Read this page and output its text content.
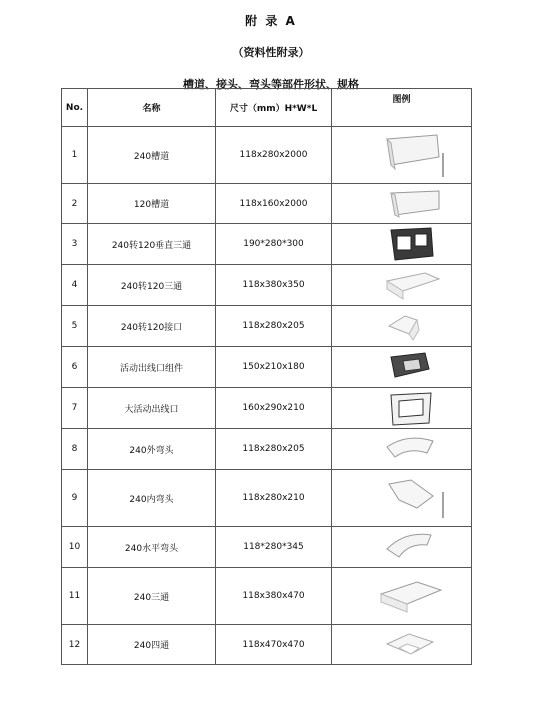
附 录 A
（资料性附录）
槽道、接头、弯头等部件形状、规格
No.	名称	尺寸（mm）H*W*L	图例
1	240槽道	118x280x2000	

2	120槽道	118x160x2000	

3	240转120垂直三通	190*280*300	

4	240转120三通	118x380x350	

5	240转120接口	118x280x205	

6	活动出线口组件	150x210x180	

7	大活动出线口	160x290x210	

8	240外弯头	118x280x205	

9	240内弯头	118x280x210	

10	240水平弯头	118*280*345	

11	240三通	118x380x470	

12	240四通	118x470x470	
